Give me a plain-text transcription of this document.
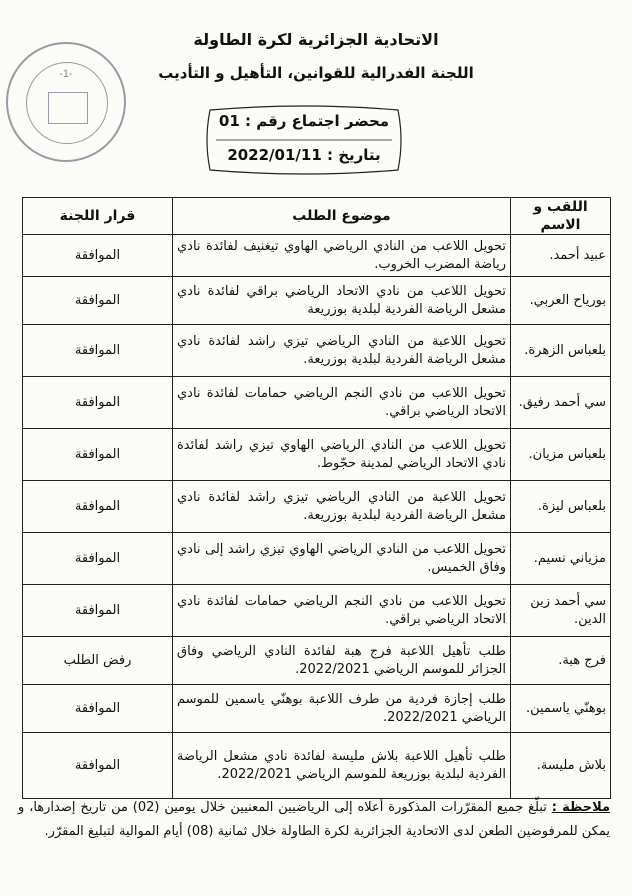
-1-
الاتحادية الجزائرية لكرة الطاولة
اللجنة الفدرالية للقوانين، التأهيل و التأديب
محضر اجتماع رقم : 01
بتاريخ : 2022/01/11
اللقب و الاسم	موضوع الطلب	قرار اللجنة
عبيد أحمد.	تحويل اللاعب من النادي الرياضي الهاوي تيغنيف لفائدة نادي رياضة المضرب الخروب.	الموافقة
بورياح العربي.	تحويل اللاعب من نادي الاتحاد الرياضي براقي لفائدة نادي مشعل الرياضة الفردية لبلدية بوزريعة	الموافقة
بلعباس الزهرة.	تحويل اللاعبة من النادي الرياضي تيزي راشد لفائدة نادي مشعل الرياضة الفردية لبلدية بوزريعة.	الموافقة
سي أحمد رفيق.	تحويل اللاعب من نادي النجم الرياضي حمامات لفائدة نادي الاتحاد الرياضي براقي.	الموافقة
بلعباس مزيان.	تحويل اللاعب من النادي الرياضي الهاوي تيزي راشد لفائدة نادي الاتحاد الرياضي لمدينة حجّوط.	الموافقة
بلعباس ليزة.	تحويل اللاعبة من النادي الرياضي تيزي راشد لفائدة نادي مشعل الرياضة الفردية لبلدية بوزريعة.	الموافقة
مزياني نسيم.	تحويل اللاعب من النادي الرياضي الهاوي تيزي راشد إلى نادي وفاق الخميس.	الموافقة
سي أحمد زين الدين.	تحويل اللاعب من نادي النجم الرياضي حمامات لفائدة نادي الاتحاد الرياضي براقي.	الموافقة
فرج هبة.	طلب تأهيل اللاعبة فرج هبة لفائدة النادي الرياضي وفاق الجزائر للموسم الرياضي 2022/2021.	رفض الطلب
بوهنّي ياسمين.	طلب إجازة فردية من طرف اللاعبة بوهنّي ياسمين للموسم الرياضي 2022/2021.	الموافقة
بلاش مليسة.	طلب تأهيل اللاعبة بلاش مليسة لفائدة نادي مشعل الرياضة الفردية لبلدية بوزريعة للموسم الرياضي 2022/2021.	الموافقة
ملاحظة : تبلّغ جميع المقرّرات المذكورة أعلاه إلى الرياضيين المعنيين خلال يومين (02) من تاريخ إصدارها، و يمكن للمرفوضين الطعن لدى الاتحادية الجزائرية لكرة الطاولة خلال ثمانية (08) أيام الموالية لتبليغ المقرّر.
